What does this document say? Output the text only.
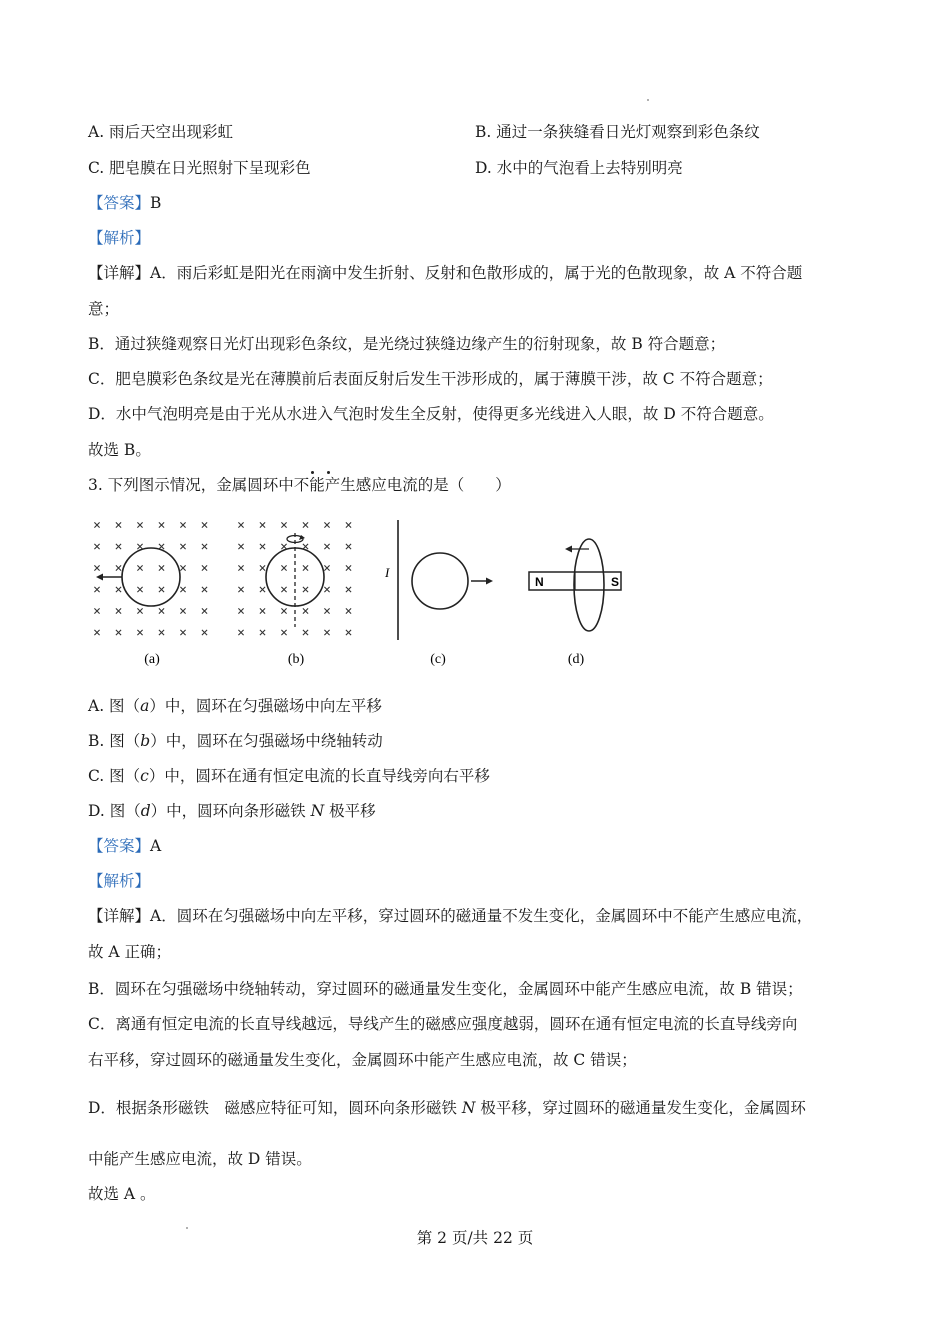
A. 雨后天空出现彩虹	B. 通过一条狭缝看日光灯观察到彩色条纹
C. 肥皂膜在日光照射下呈现彩色	D. 水中的气泡看上去特别明亮
【答案】B
【解析】
【详解】A．雨后彩虹是阳光在雨滴中发生折射、反射和色散形成的，属于光的色散现象，故 A 不符合题
意；
B．通过狭缝观察日光灯出现彩色条纹，是光绕过狭缝边缘产生的衍射现象，故 B 符合题意；
C．肥皂膜彩色条纹是光在薄膜前后表面反射后发生干涉形成的，属于薄膜干涉，故 C 不符合题意；
D．水中气泡明亮是由于光从水进入气泡时发生全反射，使得更多光线进入人眼，故 D 不符合题意。
故选 B。
3. 下列图示情况，金属圆环中不能产生感应电流的是（　　）
(a)	(b)
I
(c)
N	S
(d)
A. 图（a）中，圆环在匀强磁场中向左平移
B. 图（b）中，圆环在匀强磁场中绕轴转动
C. 图（c）中，圆环在通有恒定电流的长直导线旁向右平移
D. 图（d）中，圆环向条形磁铁 N 极平移
【答案】A
【解析】
【详解】A．圆环在匀强磁场中向左平移，穿过圆环的磁通量不发生变化，金属圆环中不能产生感应电流，
故 A 正确；
B．圆环在匀强磁场中绕轴转动，穿过圆环的磁通量发生变化，金属圆环中能产生感应电流，故 B 错误；
C．离通有恒定电流的长直导线越远，导线产生的磁感应强度越弱，圆环在通有恒定电流的长直导线旁向
右平移，穿过圆环的磁通量发生变化，金属圆环中能产生感应电流，故 C 错误；
D．根据条形磁铁　磁感应特征可知，圆环向条形磁铁 N 极平移，穿过圆环的磁通量发生变化，金属圆环
中能产生感应电流，故 D 错误。
故选 A 。
第 2 页/共 22 页
